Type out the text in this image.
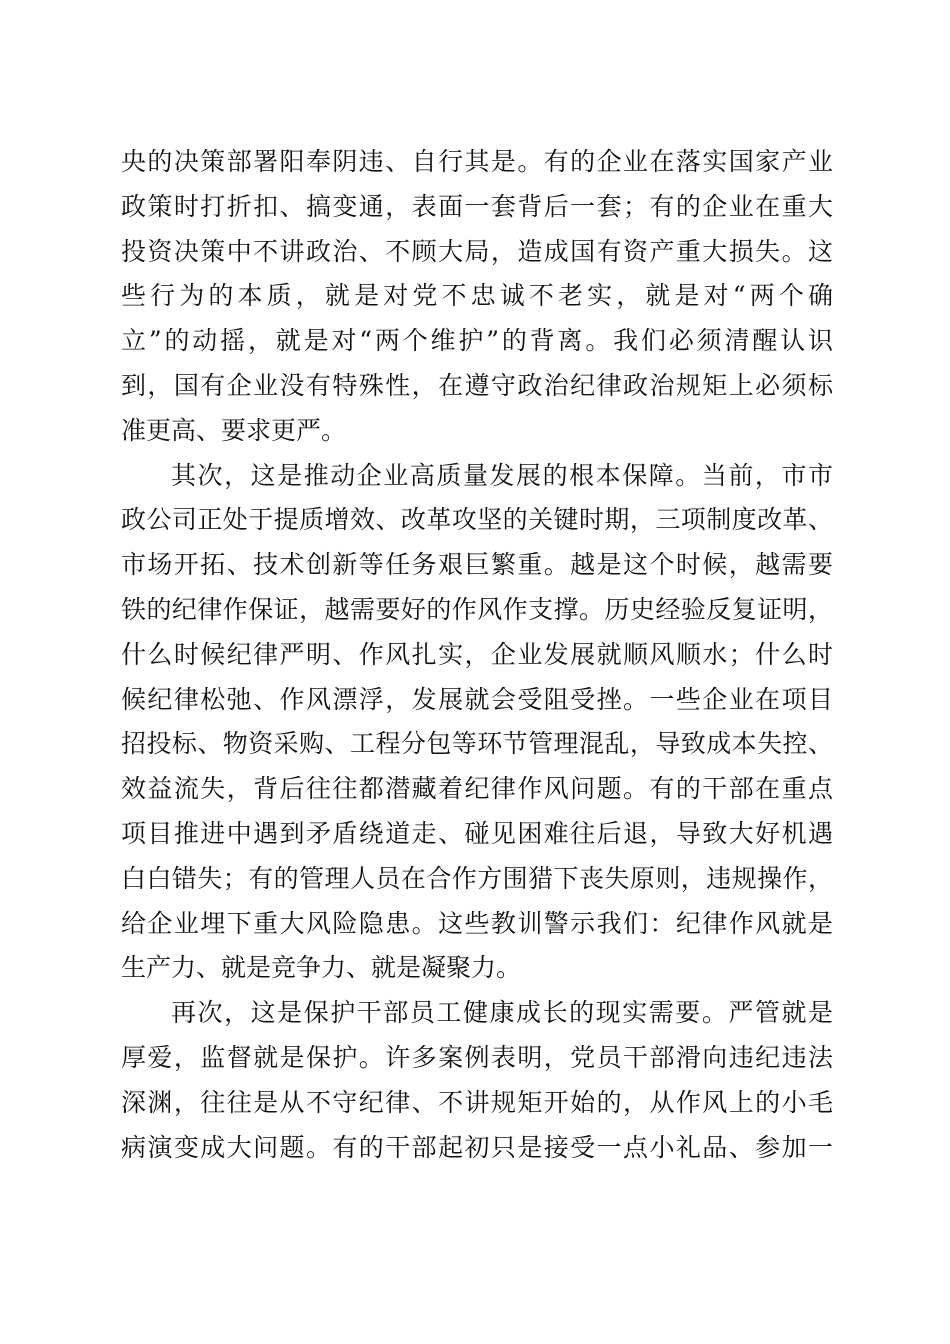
央的决策部署阳奉阴违、自行其是。有的企业在落实国家产业
政策时打折扣、搞变通，表面一套背后一套；有的企业在重大
投资决策中不讲政治、不顾大局，造成国有资产重大损失。这
些行为的本质，就是对党不忠诚不老实，就是对“两个确
立”的动摇，就是对“两个维护”的背离。我们必须清醒认识
到，国有企业没有特殊性，在遵守政治纪律政治规矩上必须标
准更高、要求更严。
其次，这是推动企业高质量发展的根本保障。当前，市市
政公司正处于提质增效、改革攻坚的关键时期，三项制度改革、
市场开拓、技术创新等任务艰巨繁重。越是这个时候，越需要
铁的纪律作保证，越需要好的作风作支撑。历史经验反复证明，
什么时候纪律严明、作风扎实，企业发展就顺风顺水；什么时
候纪律松弛、作风漂浮，发展就会受阻受挫。一些企业在项目
招投标、物资采购、工程分包等环节管理混乱，导致成本失控、
效益流失，背后往往都潜藏着纪律作风问题。有的干部在重点
项目推进中遇到矛盾绕道走、碰见困难往后退，导致大好机遇
白白错失；有的管理人员在合作方围猎下丧失原则，违规操作，
给企业埋下重大风险隐患。这些教训警示我们：纪律作风就是
生产力、就是竞争力、就是凝聚力。
再次，这是保护干部员工健康成长的现实需要。严管就是
厚爱，监督就是保护。许多案例表明，党员干部滑向违纪违法
深渊，往往是从不守纪律、不讲规矩开始的，从作风上的小毛
病演变成大问题。有的干部起初只是接受一点小礼品、参加一
